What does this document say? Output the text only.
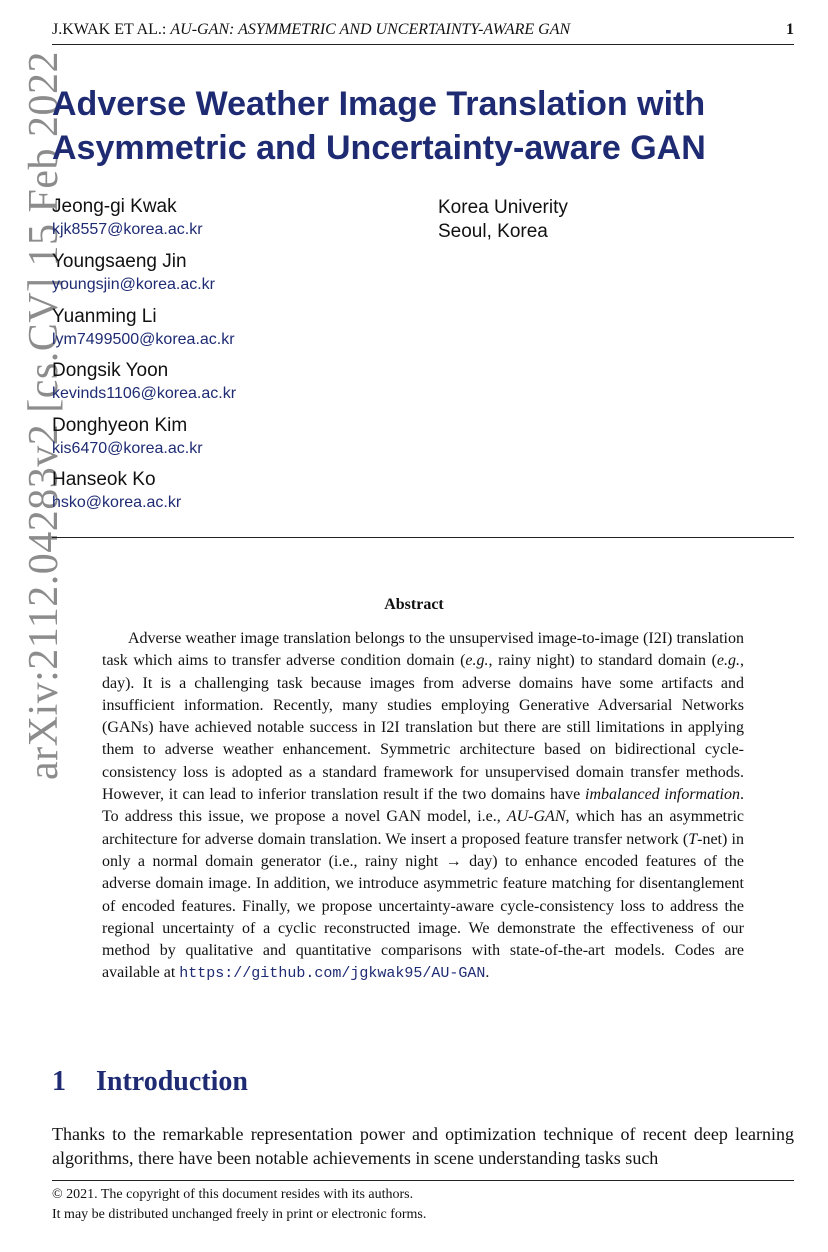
J.KWAK ET AL.: AU-GAN: ASYMMETRIC AND UNCERTAINTY-AWARE GAN	1
arXiv:2112.04283v2 [cs.CV] 15 Feb 2022
Adverse Weather Image Translation with Asymmetric and Uncertainty-aware GAN
Jeong-gi Kwak
kjk8557@korea.ac.kr
Youngsaeng Jin
youngsjin@korea.ac.kr
Yuanming Li
lym7499500@korea.ac.kr
Dongsik Yoon
kevinds1106@korea.ac.kr
Donghyeon Kim
kis6470@korea.ac.kr
Hanseok Ko
hsko@korea.ac.kr
Korea Univerity
Seoul, Korea
Abstract

Adverse weather image translation belongs to the unsupervised image-to-image (I2I) translation task which aims to transfer adverse condition domain (e.g., rainy night) to standard domain (e.g., day). It is a challenging task because images from adverse domains have some artifacts and insufficient information. Recently, many studies employing Generative Adversarial Networks (GANs) have achieved notable success in I2I translation but there are still limitations in applying them to adverse weather enhancement. Symmetric architecture based on bidirectional cycle-consistency loss is adopted as a standard framework for unsupervised domain transfer methods. However, it can lead to inferior translation result if the two domains have imbalanced information. To address this issue, we propose a novel GAN model, i.e., AU-GAN, which has an asymmetric architecture for adverse domain translation. We insert a proposed feature transfer network (T-net) in only a normal domain generator (i.e., rainy night → day) to enhance encoded features of the adverse domain image. In addition, we introduce asymmetric feature matching for disentanglement of encoded features. Finally, we propose uncertainty-aware cycle-consistency loss to address the regional uncertainty of a cyclic reconstructed image. We demonstrate the effectiveness of our method by qualitative and quantitative comparisons with state-of-the-art models. Codes are available at https://github.com/jgkwak95/AU-GAN.

1 Introduction

Thanks to the remarkable representation power and optimization technique of recent deep learning algorithms, there have been notable achievements in scene understanding tasks such

© 2021. The copyright of this document resides with its authors.
It may be distributed unchanged freely in print or electronic forms.
